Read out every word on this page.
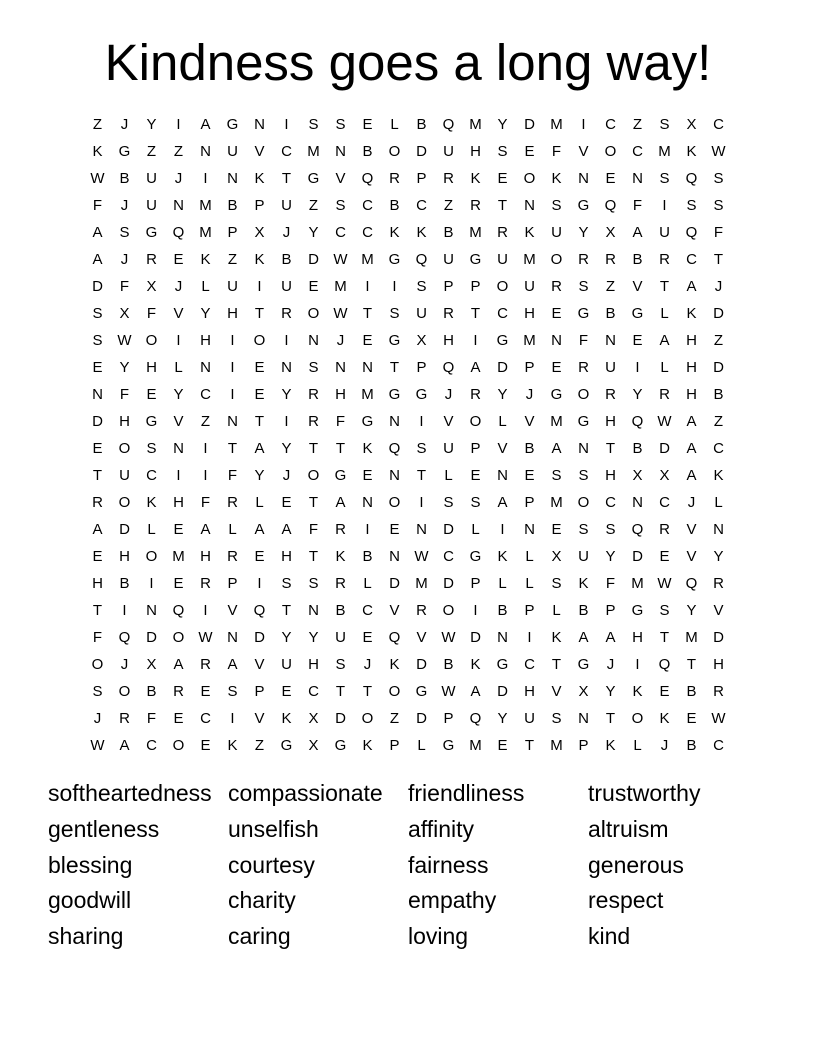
Kindness goes a long way!
Z	J	Y	I	A	G	N	I	S	S	E	L	B	Q M	Y	D	M	I	C	Z	S	X	C
K	G	Z	Z	N	U	V	C	M	N	B	O	D	U	H	S	E	F	V	O	C	M	K W
W B	U	J	I	N	K	T	G	V	Q	R	P	R	K	E	O	K	N	E	N	S	Q	S
F	J	U	N	M	B	P	U	Z	S	C	B	C	Z	R	T	N	S	G	Q	F	I	S	S
A	S	G	Q M	P	X	J	Y	C	C	K	K	B	M	R	K	U	Y	X	A	U	Q	F
A	J	R	E	K	Z	K	B	D W M G	Q	U	G	U	M O	R	R	B	R	C	T
D	F	X	J	L	U	I	U	E	M	I	I	S	P	P	O	U	R	S	Z	V	T	A	J
S	X	F	V	Y	H	T	R	O W	T	S	U	R	T	C	H	E	G	B	G	L	K	D
S W O	I	H	I	O	I	N	J	E	G	X	H	I	G M	N	F	N	E	A	H	Z
E	Y	H	L	N	I	E	N	S	N	N	T	P	Q	A	D	P	E	R	U	I	L	H	D
N	F	E	Y	C	I	E	Y	R	H	M G	G	J	R	Y	J	G	O	R	Y	R	H	B
D	H	G	V	Z	N	T	I	R	F	G	N	I	V	O	L	V	M G	H	Q W A	Z
E	O	S	N	I	T	A	Y	T	T	K	Q	S	U	P	V	B	A	N	T	B	D	A	C
T	U	C	I	I	F	Y	J	O	G	E	N	T	L	E	N	E	S	S	H	X	X	A	K
R	O	K	H	F	R	L	E	T	A	N	O	I	S	S	A	P	M O	C	N	C	J	L
A	D	L	E	A	L	A	A	F	R	I	E	N	D	L	I	N	E	S	S	Q	R	V	N
E	H	O M	H	R	E	H	T	K	B	N W C	G	K	L	X	U	Y	D	E	V	Y
H	B	I	E	R	P	I	S	S	R	L	D	M	D	P	L	L	S	K	F	M W Q	R
T	I	N	Q	I	V	Q	T	N	B	C	V	R	O	I	B	P	L	B	P	G	S	Y	V
F	Q	D	O W N	D	Y	Y	U	E	Q	V W D	N	I	K	A	A	H	T	M	D
O	J	X	A	R	A	V	U	H	S	J	K	D	B	K	G	C	T	G	J	I	Q	T	H
S	O	B	R	E	S	P	E	C	T	T	O	G W A	D	H	V	X	Y	K	E	B	R
J	R	F	E	C	I	V	K	X	D	O	Z	D	P	Q	Y	U	S	N	T	O	K	E W
W A	C	O	E	K	Z	G	X	G	K	P	L	G M	E	T	M	P	K	L	J	B	C
softheartedness compassionate	friendliness	trustworthy
gentleness	unselfish	affinity	altruism
blessing	courtesy	fairness	generous
goodwill	charity	empathy	respect
sharing	caring	loving	kind
